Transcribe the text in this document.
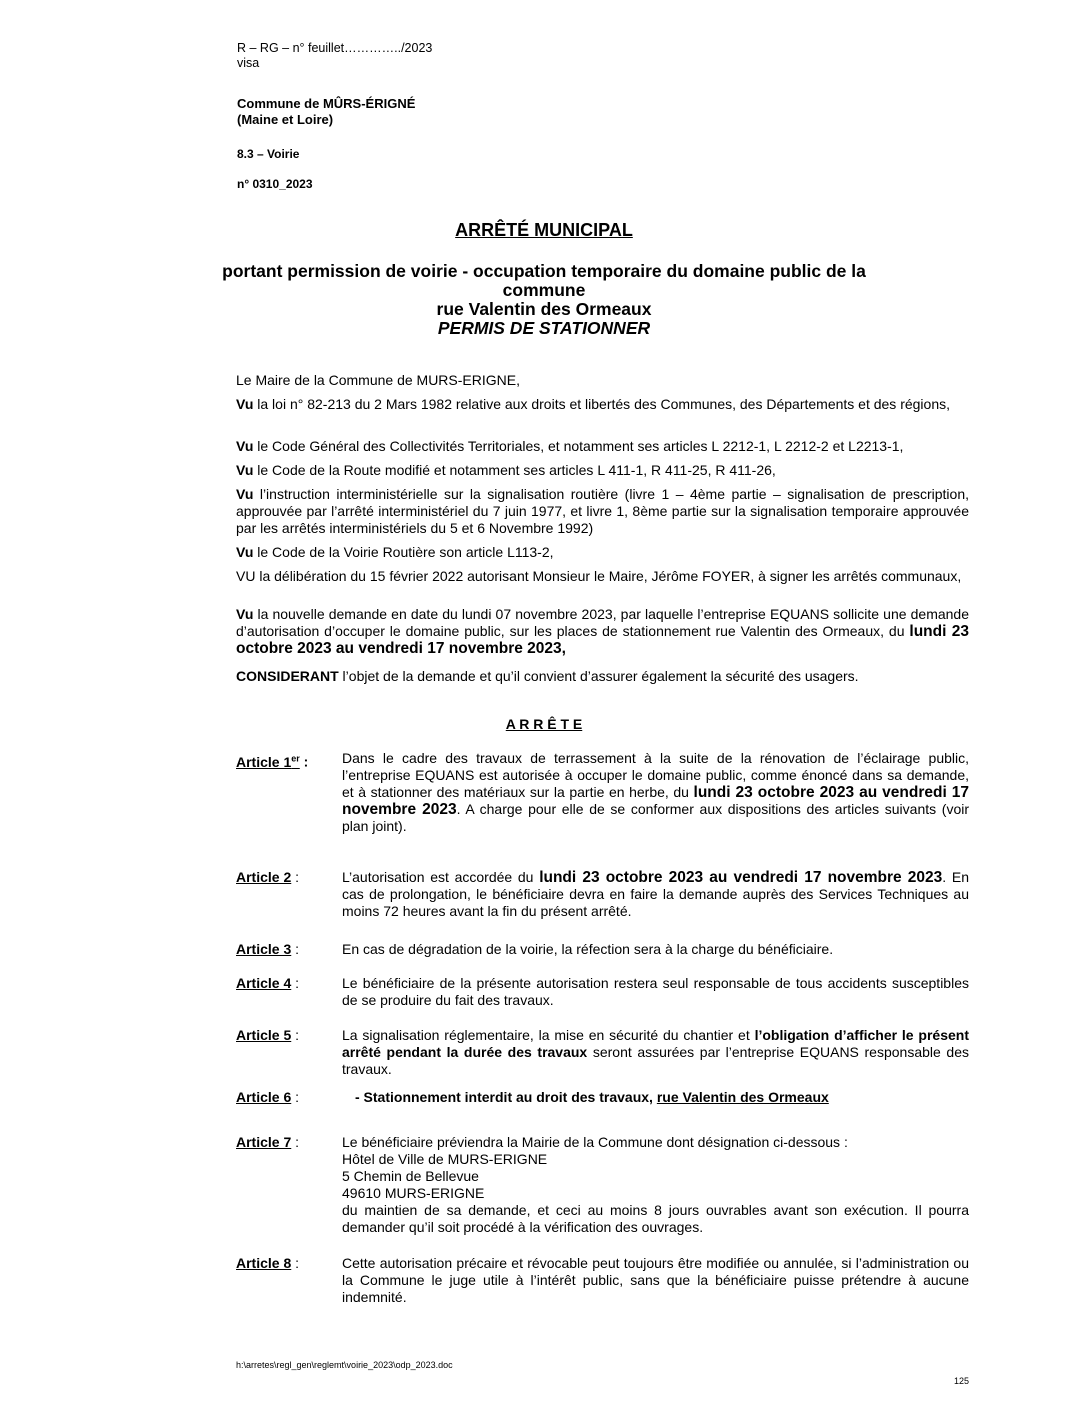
R – RG – n° feuillet…………../2023
visa
Commune de MÛRS-ÉRIGNÉ
(Maine et Loire)
8.3 – Voirie
n° 0310_2023
ARRÊTÉ MUNICIPAL
portant permission de voirie - occupation temporaire du domaine public de la
commune
rue Valentin des Ormeaux
PERMIS DE STATIONNER
Le Maire de la Commune de MURS-ERIGNE,

Vu la loi n° 82-213 du 2 Mars 1982 relative aux droits et libertés des Communes, des Départements et des régions,

Vu le Code Général des Collectivités Territoriales, et notamment ses articles L 2212-1, L 2212-2 et L2213-1,

Vu le Code de la Route modifié et notamment ses articles L 411-1, R 411-25, R 411-26,

Vu l’instruction interministérielle sur la signalisation routière (livre 1 – 4ème partie – signalisation de prescription, approuvée par l’arrêté interministériel du 7 juin 1977, et livre 1, 8ème partie sur la signalisation temporaire approuvée par les arrêtés interministériels du 5 et 6 Novembre 1992)

Vu le Code de la Voirie Routière son article L113-2,

VU la délibération du 15 février 2022 autorisant Monsieur le Maire, Jérôme FOYER, à signer les arrêtés communaux,

Vu la nouvelle demande en date du lundi 07 novembre 2023, par laquelle l’entreprise EQUANS sollicite une demande d’autorisation d’occuper le domaine public, sur les places de stationnement rue Valentin des Ormeaux, du lundi 23 octobre 2023 au vendredi 17 novembre 2023,

CONSIDERANT l’objet de la demande et qu’il convient d’assurer également la sécurité des usagers.

A R R Ê T E
Article 1er : Dans le cadre des travaux de terrassement à la suite de la rénovation de l’éclairage public, l’entreprise EQUANS est autorisée à occuper le domaine public, comme énoncé dans sa demande, et à stationner des matériaux sur la partie en herbe, du lundi 23 octobre 2023 au vendredi 17 novembre 2023. A charge pour elle de se conformer aux dispositions des articles suivants (voir plan joint).

Article 2 :	L’autorisation est accordée du lundi 23 octobre 2023 au vendredi 17 novembre 2023. En cas de prolongation, le bénéficiaire devra en faire la demande auprès des Services Techniques au moins 72 heures avant la fin du présent arrêté.

Article 3 :	En cas de dégradation de la voirie, la réfection sera à la charge du bénéficiaire.
Article 4 :	Le bénéficiaire de la présente autorisation restera seul responsable de tous accidents susceptibles de se produire du fait des travaux.
Article 5 :	La signalisation réglementaire, la mise en sécurité du chantier et l’obligation d’afficher le présent arrêté pendant la durée des travaux seront assurées par l’entreprise EQUANS responsable des travaux.

Article 6 :	- Stationnement interdit au droit des travaux, rue Valentin des Ormeaux
Article 7 :	Le bénéficiaire préviendra la Mairie de la Commune dont désignation ci-dessous :

Hôtel de Ville de MURS-ERIGNE

5 Chemin de Bellevue

49610 MURS-ERIGNE

du maintien de sa demande, et ceci au moins 8 jours ouvrables avant son exécution. Il pourra demander qu’il soit procédé à la vérification des ouvrages.

Article 8 :	Cette autorisation précaire et révocable peut toujours être modifiée ou annulée, si l’administration ou la Commune le juge utile à l’intérêt public, sans que la bénéficiaire puisse prétendre à aucune indemnité.
h:\arretes\regl_gen\reglemt\voirie_2023\odp_2023.doc
125
